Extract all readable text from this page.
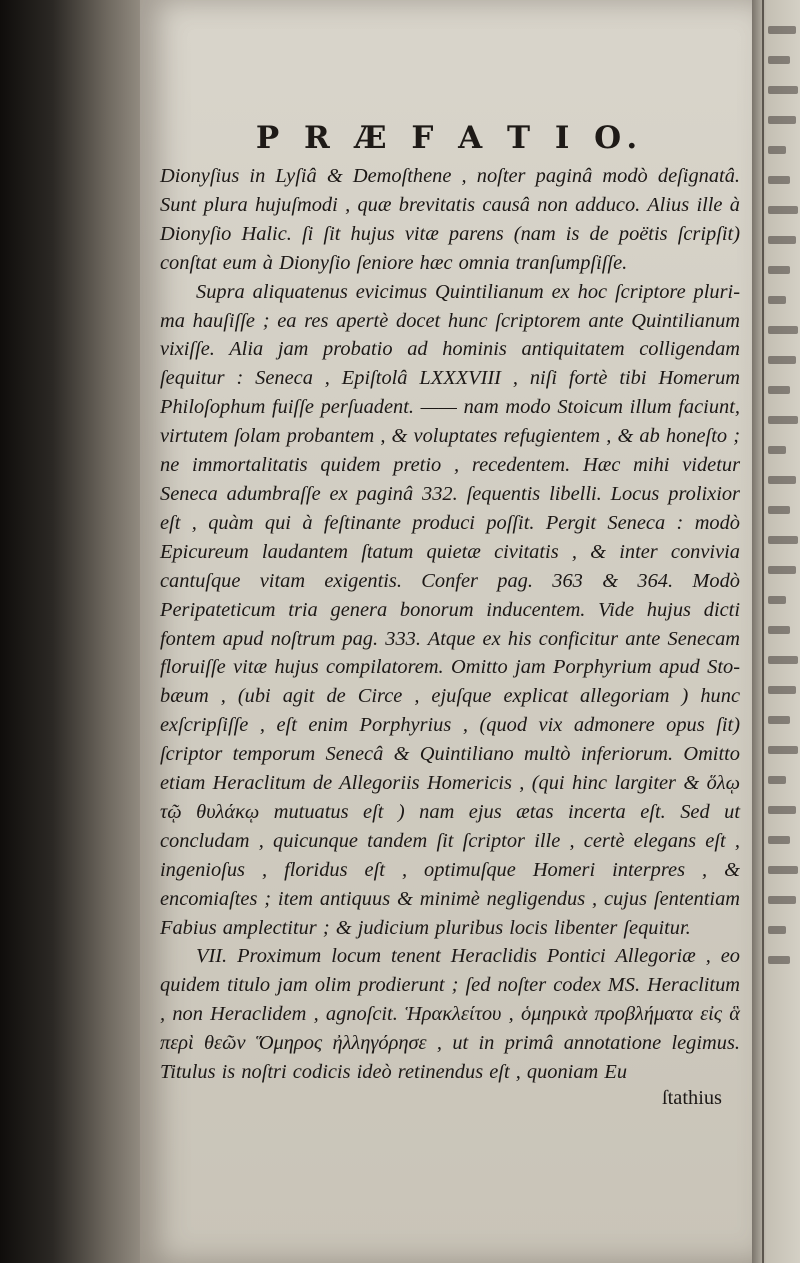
P R Æ F A T I O.

Dionyſius in Lyſiâ & Demoſthene , noſter paginâ modò deſignatâ. Sunt plura hujuſmodi , quæ brevitatis causâ non adduco. Alius ille à Dionyſio Halic. ſi ſit hujus vitæ parens (nam is de poëtis ſcripſit) conſtat eum à Dionyſio ſeniore hæc omnia tranſumpſiſſe.

Supra aliquatenus evicimus Quintilianum ex hoc ſcriptore plurima hauſiſſe ; ea res apertè docet hunc ſcriptorem ante Quintilianum vixiſſe. Alia jam probatio ad hominis antiquitatem colligendam ſequitur : Seneca , Epiſtolâ LXXXVIII , niſi fortè tibi Homerum Philoſophum fuiſſe perſuadent. —— nam modo Stoicum illum faciunt, virtutem ſolam probantem , & voluptates refugientem , & ab honeſto ; ne immortalitatis quidem pretio , recedentem. Hæc mihi videtur Seneca adumbraſſe ex paginâ 332. ſequentis libelli. Locus prolixior eſt , quàm qui à feſtinante produci poſſit. Pergit Seneca : modò Epicureum laudantem ſtatum quietæ civitatis , & inter convivia cantuſque vitam exigentis. Confer pag. 363 & 364. Modò Peripateticum tria genera bonorum inducentem. Vide hujus dicti fontem apud noſtrum pag. 333. Atque ex his conficitur ante Senecam floruiſſe vitæ hujus compilatorem. Omitto jam Porphyrium apud Stobæum , (ubi agit de Circe , ejuſque explicat allegoriam ) hunc exſcripſiſſe , eſt enim Porphyrius , (quod vix admonere opus ſit) ſcriptor temporum Senecâ & Quintiliano multò inferiorum. Omitto etiam Heraclitum de Allegoriis Homericis , (qui hinc largiter & ὅλῳ τῷ θυλάκῳ mutuatus eſt ) nam ejus ætas incerta eſt. Sed ut concludam , quicunque tandem ſit ſcriptor ille , certè elegans eſt , ingenioſus , floridus eſt , optimuſque Homeri interpres , & encomiaſtes ; item antiquus & minimè negligendus , cujus ſententiam Fabius amplectitur ; & judicium pluribus locis libenter ſequitur.

VII. Proximum locum tenent Heraclidis Pontici Allegoriæ , eo quidem titulo jam olim prodierunt ; ſed noſter codex MS. Heraclitum , non Heraclidem , agnoſcit. Ἡρακλείτου , ὁμηρικὰ προβλήματα εἰς ἃ περὶ θεῶν Ὅμηρος ἠλληγόρησε , ut in primâ annotatione legimus. Titulus is noſtri codicis ideò retinendus eſt , quoniam Eu

ſtathius
